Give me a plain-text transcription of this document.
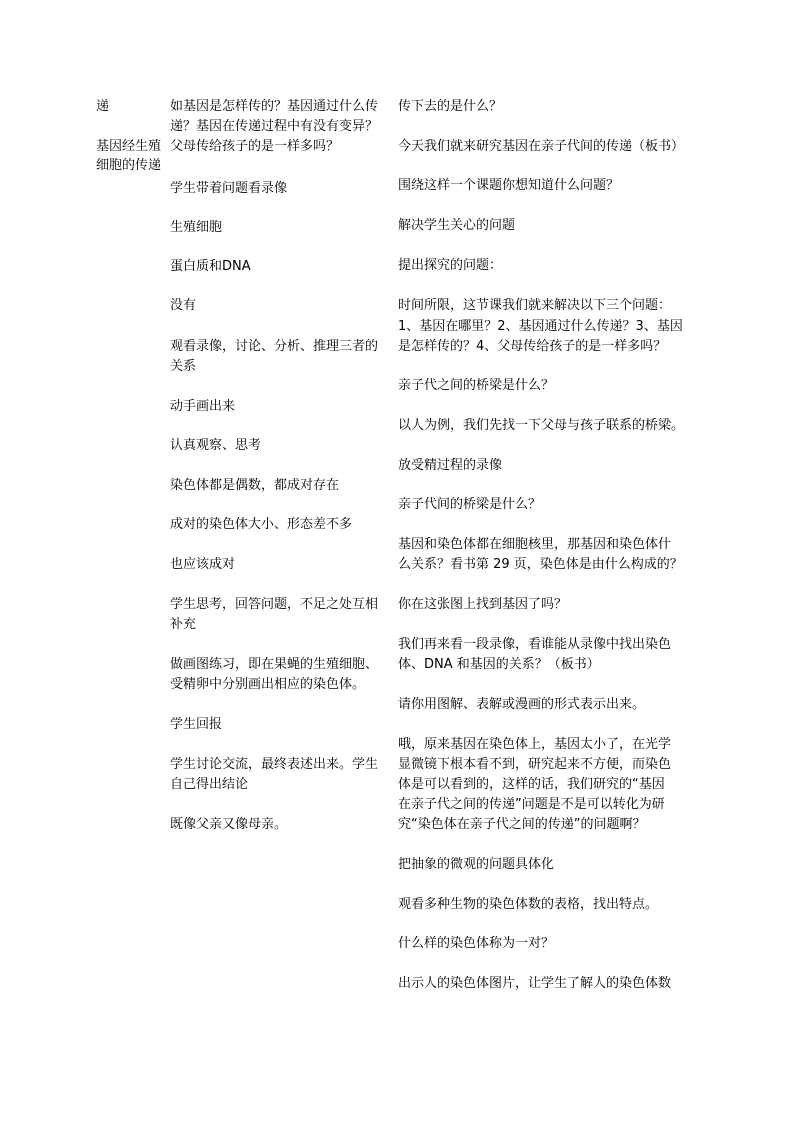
递
基因经生殖
细胞的传递
如基因是怎样传的？基因通过什么传
递？基因在传递过程中有没有变异？
父母传给孩子的是一样多吗？
学生带着问题看录像
生殖细胞
蛋白质和DNA
没有
观看录像，讨论、分析、推理三者的
关系
动手画出来
认真观察、思考
染色体都是偶数，都成对存在
成对的染色体大小、形态差不多
也应该成对
学生思考，回答问题，不足之处互相
补充
做画图练习，即在果蝇的生殖细胞、
受精卵中分别画出相应的染色体。
学生回报
学生讨论交流，最终表述出来。学生
自己得出结论
既像父亲又像母亲。
传下去的是什么？
今天我们就来研究基因在亲子代间的传递（板书）
围绕这样一个课题你想知道什么问题？
解决学生关心的问题
提出探究的问题：
时间所限，这节课我们就来解决以下三个问题：
1、基因在哪里？2、基因通过什么传递？3、基因
是怎样传的？4、父母传给孩子的是一样多吗？
亲子代之间的桥梁是什么？
以人为例，我们先找一下父母与孩子联系的桥梁。
放受精过程的录像
亲子代间的桥梁是什么？
基因和染色体都在细胞核里，那基因和染色体什
么关系？看书第 29 页，染色体是由什么构成的？
你在这张图上找到基因了吗？
我们再来看一段录像，看谁能从录像中找出染色
体、DNA 和基因的关系？（板书）
请你用图解、表解或漫画的形式表示出来。
哦，原来基因在染色体上，基因太小了，在光学
显微镜下根本看不到，研究起来不方便，而染色
体是可以看到的，这样的话，我们研究的“基因
在亲子代之间的传递”问题是不是可以转化为研
究“染色体在亲子代之间的传递”的问题啊？
把抽象的微观的问题具体化
观看多种生物的染色体数的表格，找出特点。
什么样的染色体称为一对？
出示人的染色体图片，让学生了解人的染色体数
